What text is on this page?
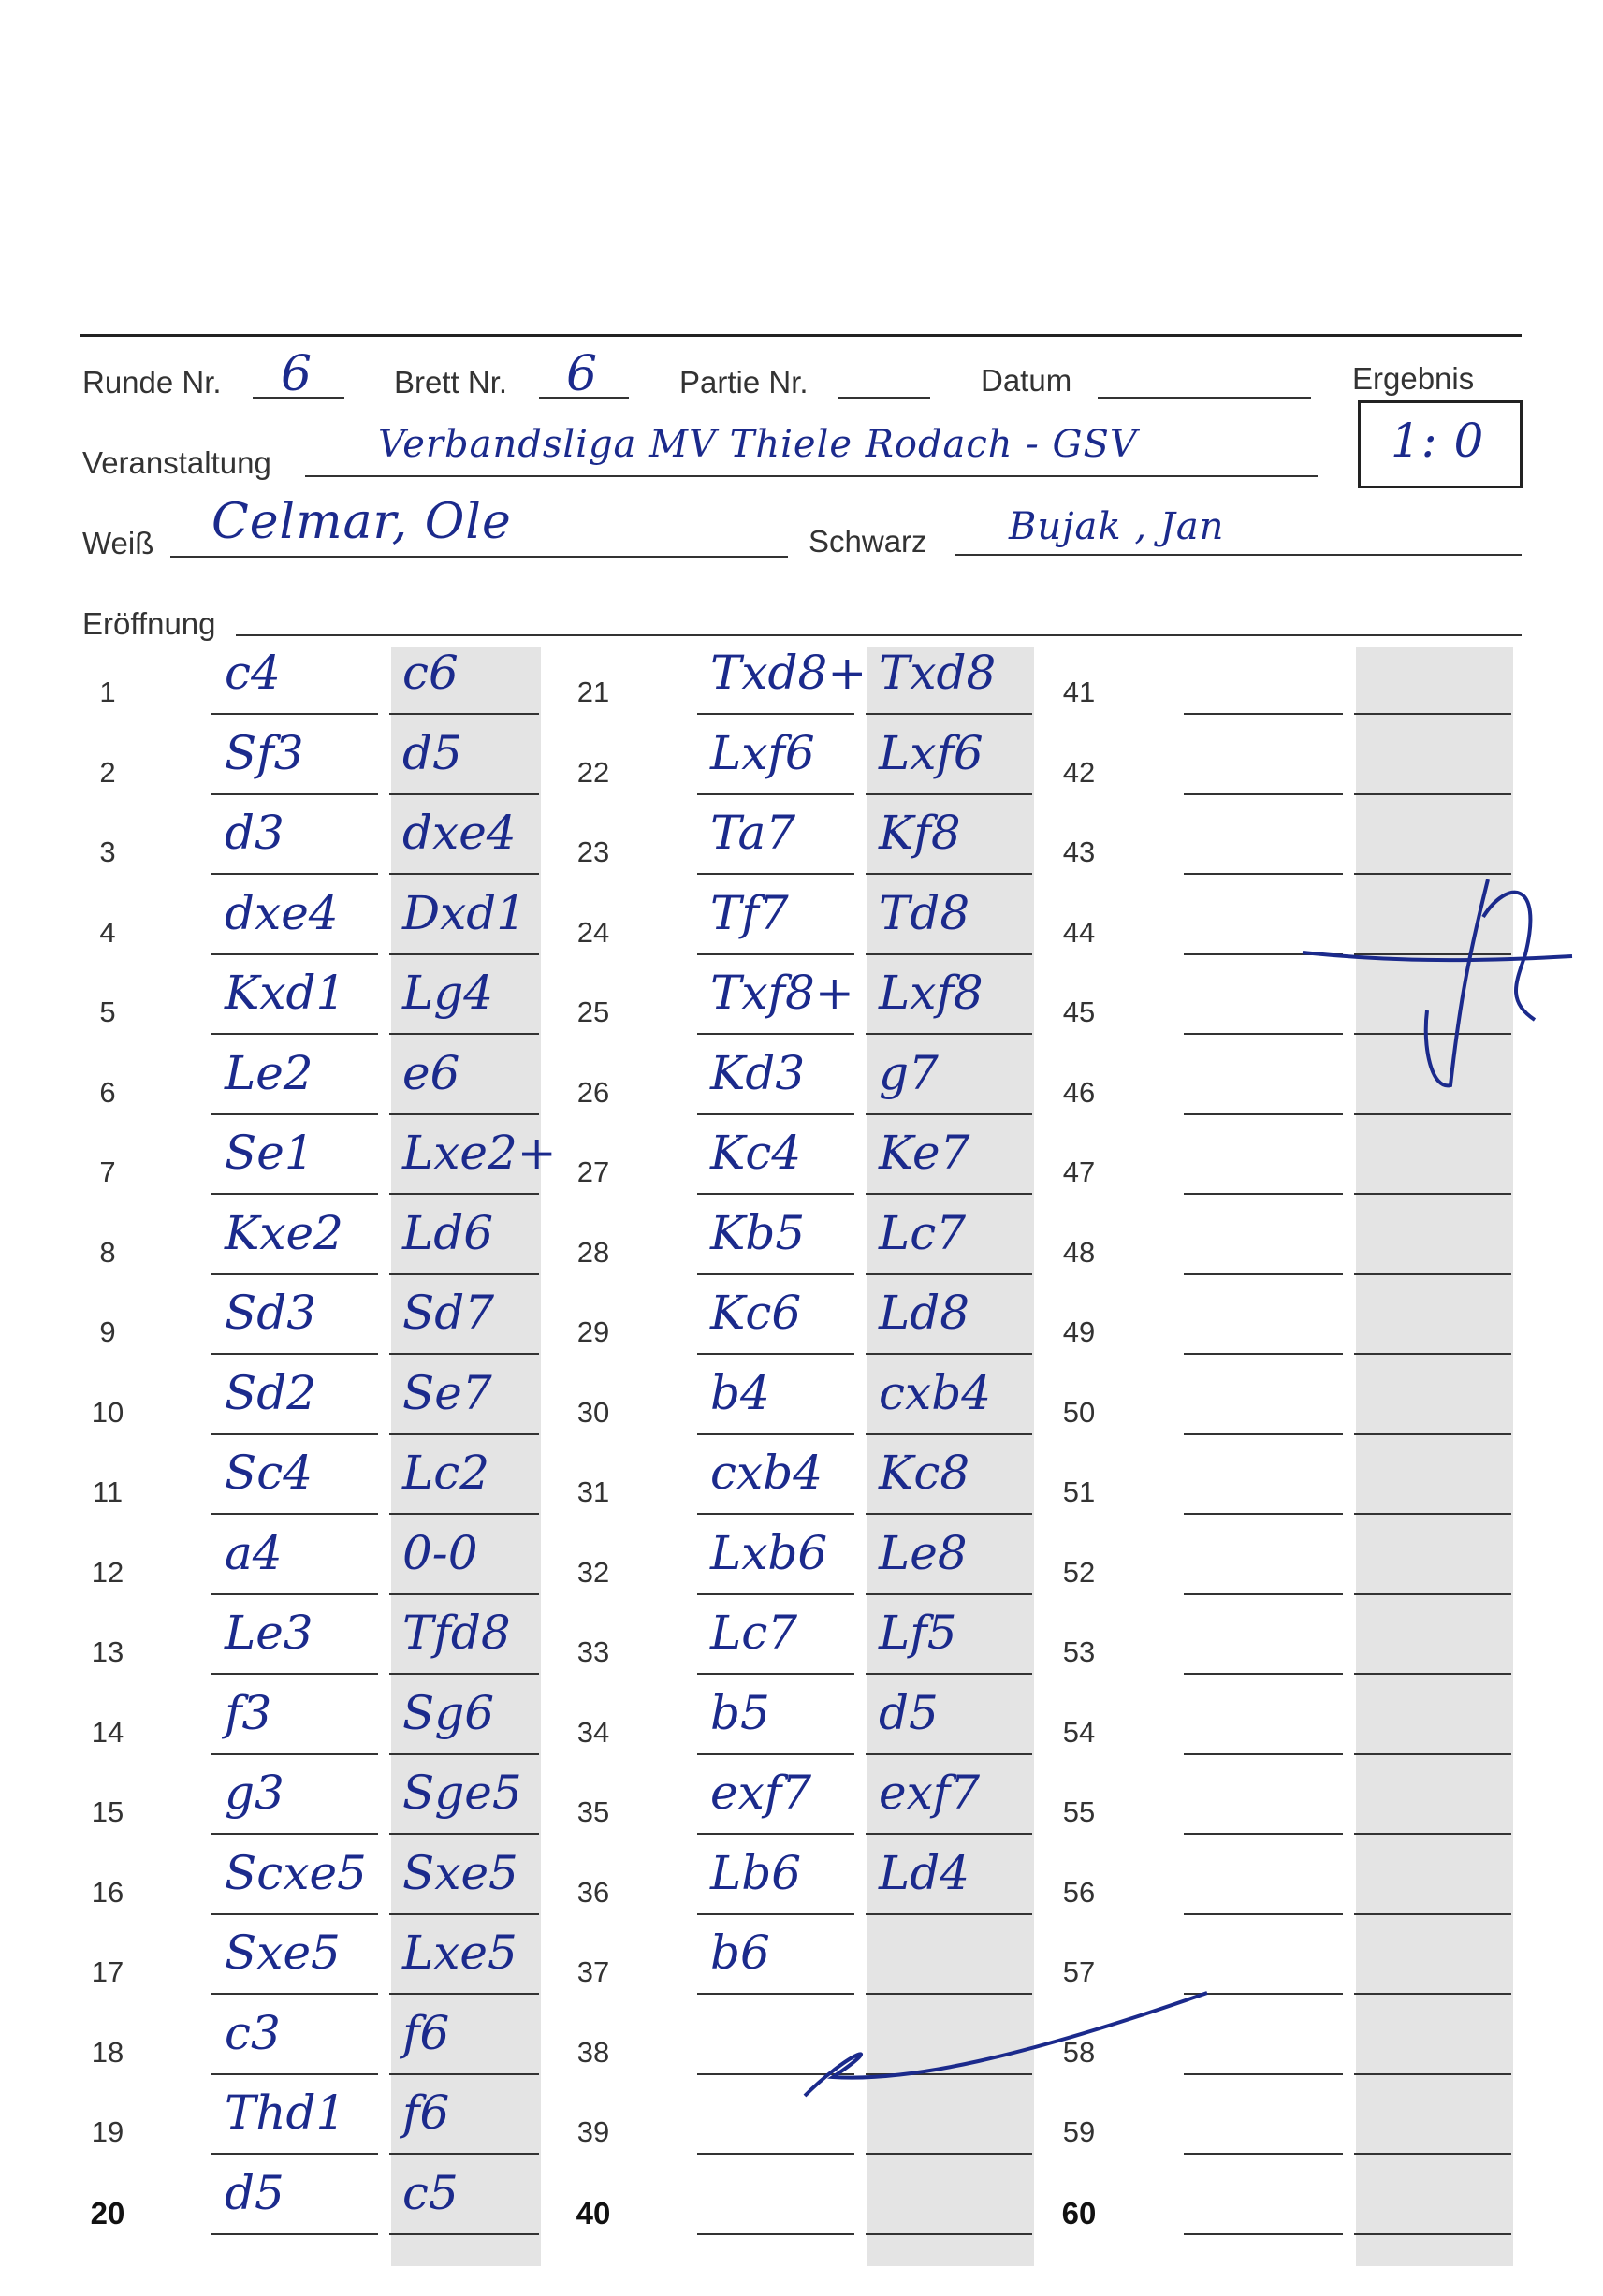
Runde Nr. 6	Brett Nr. 6	Partie Nr.	Datum	Ergebnis
1: 0
Veranstaltung	Verbandsliga MV Thiele Rodach - GSV
Weiß Celmar, Ole	Schwarz Bujak , Jan
Eröffnung
1	c4	c6
2	Sf3 d5
3	d3	dxe4
4	dxe4 Dxd1
5	Kxd1 Lg4
6	Le2 e6
7	Se1 Lxe2+
8	Kxe2 Ld6
9	Sd3 Sd7
10	Sd2 Se7
11	Sc4 Lc2
12	a4	0-0
13	Le3 Tfd8
14	f3	Sg6
15	g3	Sge5
16	Scxe5 Sxe5
17	Sxe5 Lxe5
18	c3	f6
19	Thd1 f6
20	d5	c5
21	Txd8+ Txd8
22	Lxf6 Lxf6
23	Ta7 Kf8
24	Tf7 Td8
25	Txf8+ Lxf8
26	Kd3 g7
27	Kc4 Ke7
28	Kb5 Lc7
29	Kc6 Ld8
30	b4 cxb4
31	cxb4 Kc8
32	Lxb6 Le8
33	Lc7 Lf5
34	b5 d5
35	exf7 exf7
36	Lb6 Ld4
37	b6
38
39
40
41
42
43
44
45
46
47
48
49
50
51
52
53
54
55
56
57
58
59
60
